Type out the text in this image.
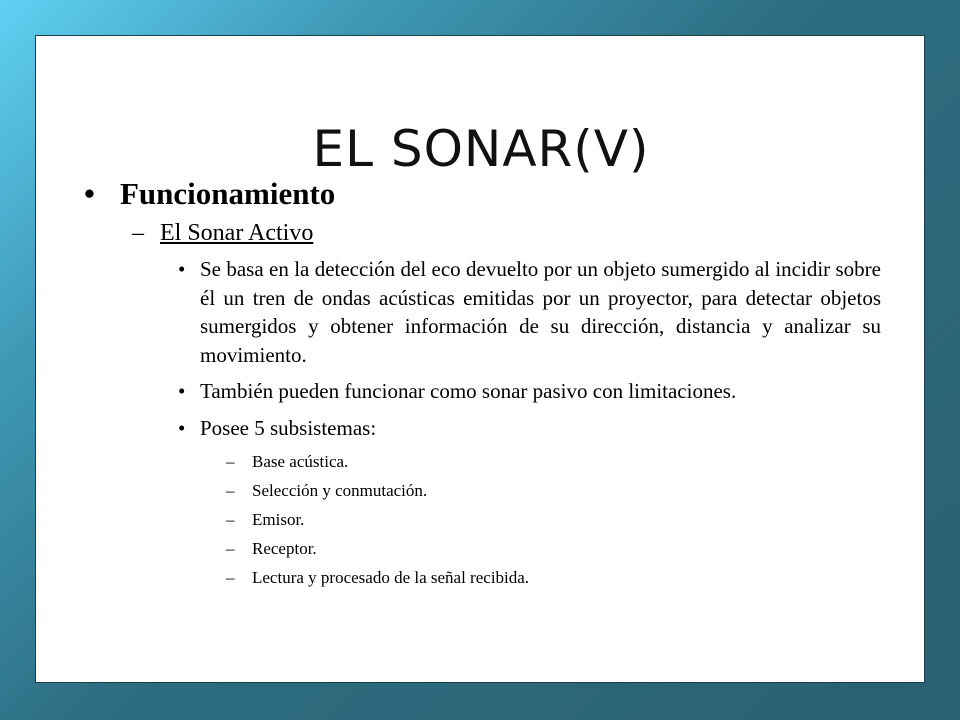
EL SONAR(V)
• Funcionamiento
– El Sonar Activo
• Se basa en la detección del eco devuelto por un objeto sumergido al incidir sobre él un tren de ondas acústicas emitidas por un proyector, para detectar objetos sumergidos y obtener información de su dirección, distancia y analizar su movimiento.
• También pueden funcionar como sonar pasivo con limitaciones.
• Posee 5 subsistemas:
–	Base acústica.
–	Selección y conmutación.
–	Emisor.
–	Receptor.
–	Lectura y procesado de la señal recibida.
